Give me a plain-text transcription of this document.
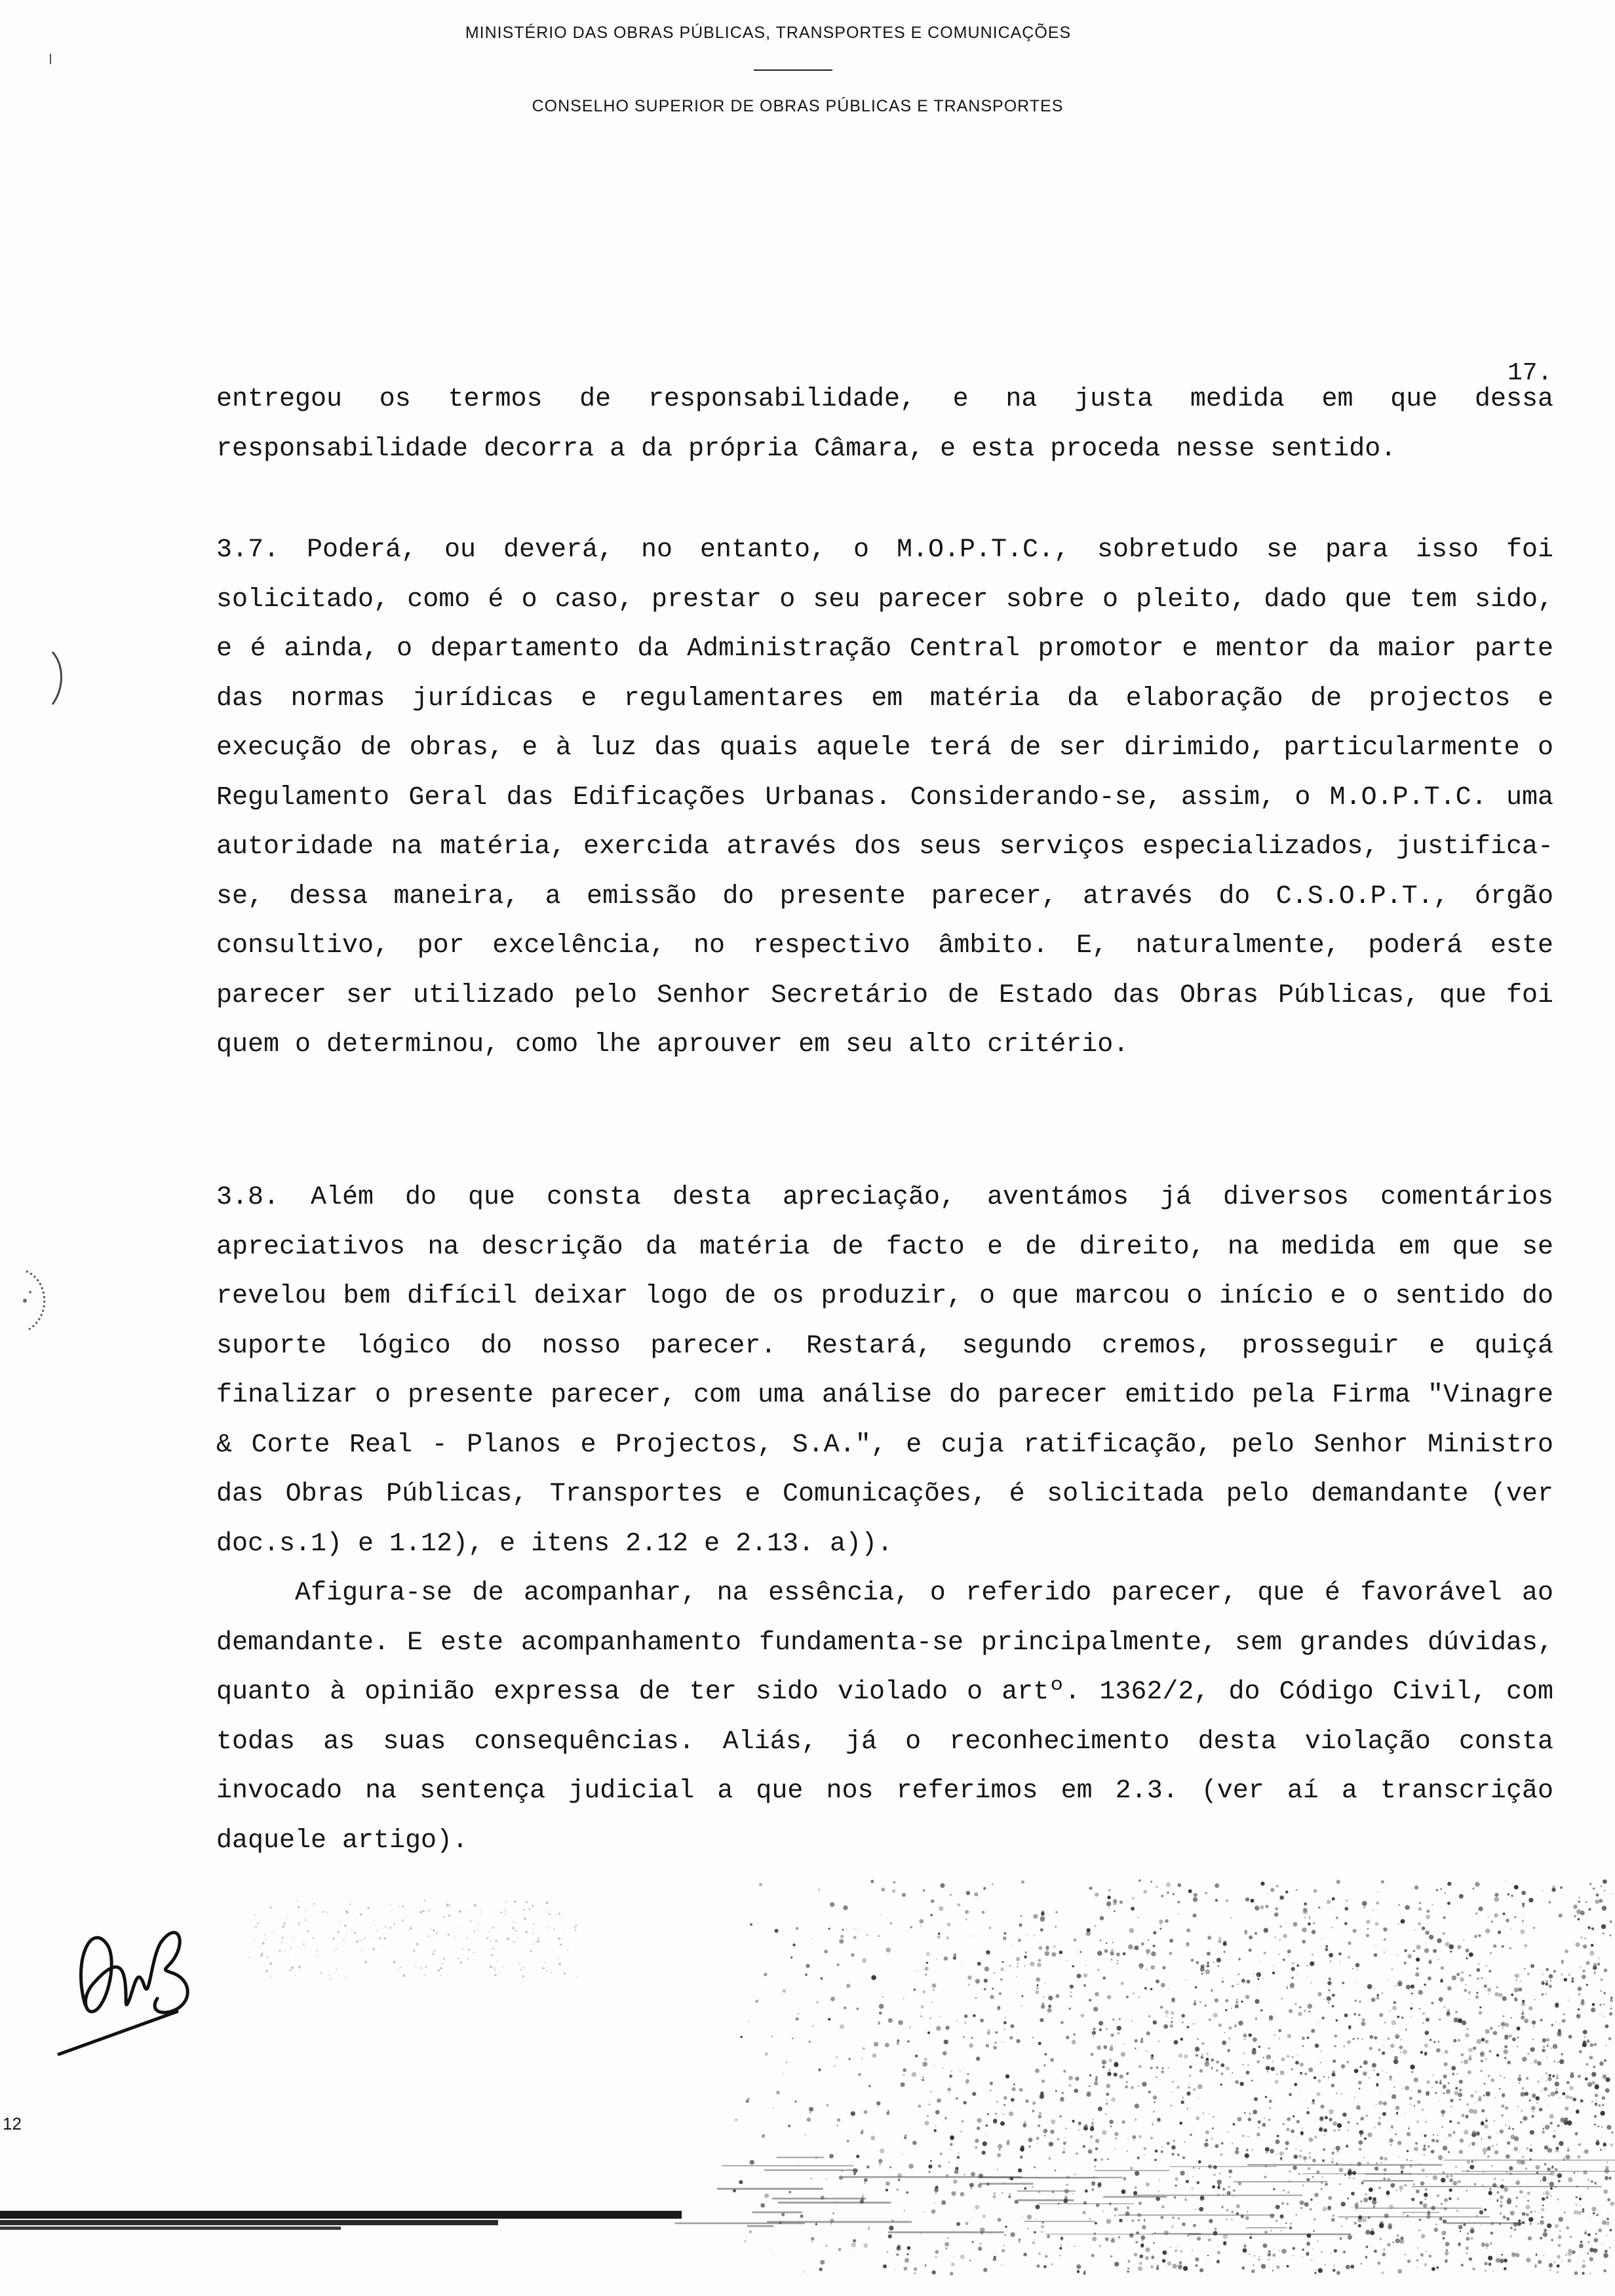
MINISTÉRIO DAS OBRAS PÚBLICAS, TRANSPORTES E COMUNICAÇÕES
CONSELHO SUPERIOR DE OBRAS PÚBLICAS E TRANSPORTES
17.

entregou os termos de responsabilidade, e na justa medida em que dessa responsabilidade decorra a da própria Câmara, e esta proceda nesse sentido.

3.7. Poderá, ou deverá, no entanto, o M.O.P.T.C., sobretudo se para isso foi solicitado, como é o caso, prestar o seu parecer sobre o pleito, dado que tem sido, e é ainda, o departamento da Administração Central promotor e mentor da maior parte das normas jurídicas e regulamentares em matéria da elaboração de projectos e execução de obras, e à luz das quais aquele terá de ser dirimido, particularmente o Regulamento Geral das Edificações Urbanas. Considerando-se, assim, o M.O.P.T.C. uma autoridade na matéria, exercida através dos seus serviços especializados, justifica-se, dessa maneira, a emissão do presente parecer, através do C.S.O.P.T., órgão consultivo, por excelência, no respectivo âmbito. E, naturalmente, poderá este parecer ser utilizado pelo Senhor Secretário de Estado das Obras Públicas, que foi quem o determinou, como lhe aprouver em seu alto critério.

3.8. Além do que consta desta apreciação, aventámos já diversos comentários apreciativos na descrição da matéria de facto e de direito, na medida em que se revelou bem difícil deixar logo de os produzir, o que marcou o início e o sentido do suporte lógico do nosso parecer. Restará, segundo cremos, prosseguir e quiçá finalizar o presente parecer, com uma análise do parecer emitido pela Firma "Vinagre & Corte Real - Planos e Projectos, S.A.", e cuja ratificação, pelo Senhor Ministro das Obras Públicas, Transportes e Comunicações, é solicitada pelo demandante (ver doc.s.1) e 1.12), e itens 2.12 e 2.13. a)).

Afigura-se de acompanhar, na essência, o referido parecer, que é favorável ao demandante. E este acompanhamento fundamenta-se principalmente, sem grandes dúvidas, quanto à opinião expressa de ter sido violado o artº. 1362/2, do Código Civil, com todas as suas consequências. Aliás, já o reconhecimento desta violação consta invocado na sentença judicial a que nos referimos em 2.3. (ver aí a transcrição daquele artigo).

12
